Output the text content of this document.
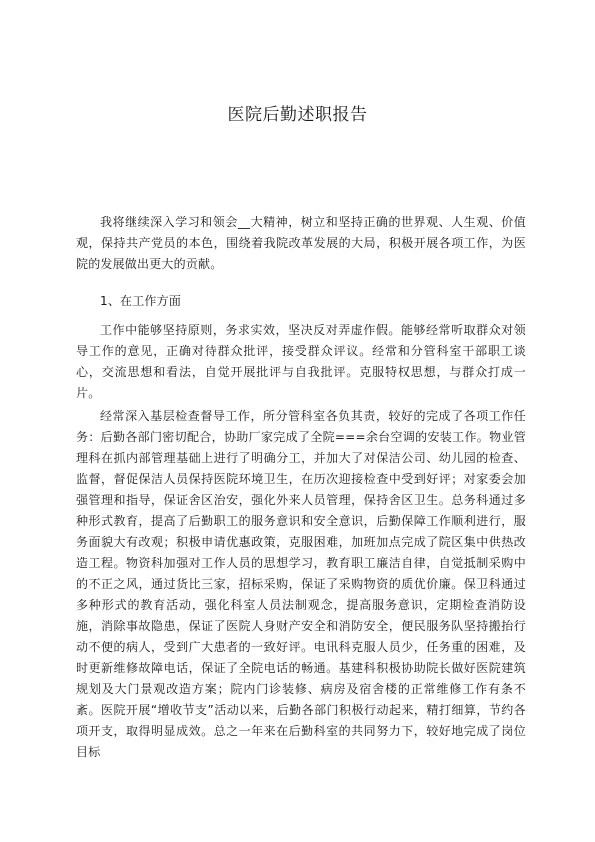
医院后勤述职报告

我将继续深入学习和领会__大精神，树立和坚持正确的世界观、人生观、价值观，保持共产党员的本色，围绕着我院改革发展的大局，积极开展各项工作，为医院的发展做出更大的贡献。

1、在工作方面

工作中能够坚持原则，务求实效，坚决反对弄虚作假。能够经常听取群众对领导工作的意见，正确对待群众批评，接受群众评议。经常和分管科室干部职工谈心，交流思想和看法，自觉开展批评与自我批评。克服特权思想，与群众打成一片。

经常深入基层检查督导工作，所分管科室各负其责，较好的完成了各项工作任务：后勤各部门密切配合，协助厂家完成了全院===余台空调的安装工作。物业管理科在抓内部管理基础上进行了明确分工，并加大了对保洁公司、幼儿园的检查、监督，督促保洁人员保持医院环境卫生，在历次迎接检查中受到好评；对家委会加强管理和指导，保证舍区治安，强化外来人员管理，保持舍区卫生。总务科通过多种形式教育，提高了后勤职工的服务意识和安全意识，后勤保障工作顺利进行，服务面貌大有改观；积极申请优惠政策，克服困难，加班加点完成了院区集中供热改造工程。物资科加强对工作人员的思想学习，教育职工廉洁自律，自觉抵制采购中的不正之风，通过货比三家，招标采购，保证了采购物资的质优价廉。保卫科通过多种形式的教育活动，强化科室人员法制观念，提高服务意识，定期检查消防设施，消除事故隐患，保证了医院人身财产安全和消防安全，便民服务队坚持搬抬行动不便的病人，受到广大患者的一致好评。电讯科克服人员少，任务重的困难，及时更新维修故障电话，保证了全院电话的畅通。基建科积极协助院长做好医院建筑规划及大门景观改造方案；院内门诊装修、病房及宿舍楼的正常维修工作有条不紊。医院开展“增收节支”活动以来，后勤各部门积极行动起来，精打细算，节约各项开支，取得明显成效。总之一年来在后勤科室的共同努力下，较好地完成了岗位目标
